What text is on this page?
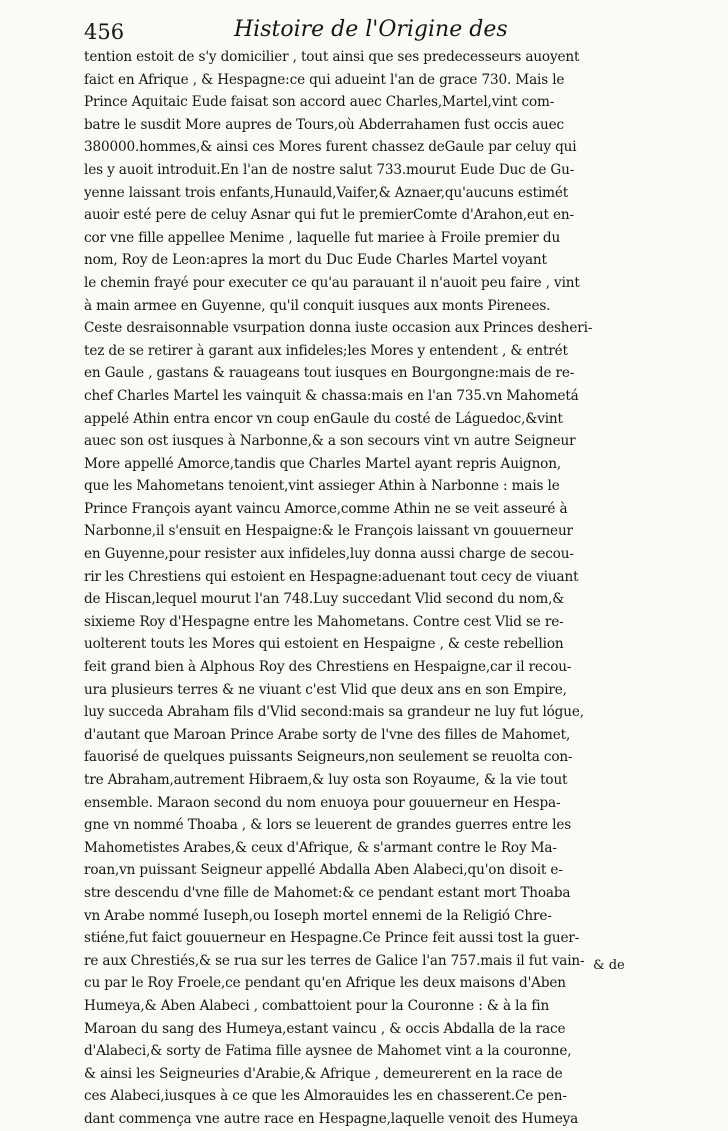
456	Histoire de l'Origine des
tention estoit de s'y domicilier , tout ainsi que ses predecesseurs auoyent
faict en Afrique , & Hespagne:ce qui adueint l'an de grace 730. Mais le
Prince Aquitaic Eude faisat son accord auec Charles,Martel,vint com-
batre le susdit More aupres de Tours,où Abderrahamen fust occis auec
380000.hommes,& ainsi ces Mores furent chassez deGaule par celuy qui
les y auoit introduit.En l'an de nostre salut 733.mourut Eude Duc de Gu-
yenne laissant trois enfants,Hunauld,Vaifer,& Aznaer,qu'aucuns estimét
auoir esté pere de celuy Asnar qui fut le premierComte d'Arahon,eut en-
cor vne fille appellee Menime , laquelle fut mariee à Froile premier du
nom, Roy de Leon:apres la mort du Duc Eude Charles Martel voyant
le chemin frayé pour executer ce qu'au parauant il n'auoit peu faire , vint
à main armee en Guyenne, qu'il conquit iusques aux monts Pirenees.
Ceste desraisonnable vsurpation donna iuste occasion aux Princes desheri-
tez de se retirer à garant aux infideles;les Mores y entendent , & entrét
en Gaule , gastans & rauageans tout iusques en Bourgongne:mais de re-
chef Charles Martel les vainquit & chassa:mais en l'an 735.vn Mahometá
appelé Athin entra encor vn coup enGaule du costé de Láguedoc,&vint
auec son ost iusques à Narbonne,& a son secours vint vn autre Seigneur
More appellé Amorce,tandis que Charles Martel ayant repris Auignon,
que les Mahometans tenoient,vint assieger Athin à Narbonne : mais le
Prince François ayant vaincu Amorce,comme Athin ne se veit asseuré à
Narbonne,il s'ensuit en Hespaigne:& le François laissant vn gouuerneur
en Guyenne,pour resister aux infideles,luy donna aussi charge de secou-
rir les Chrestiens qui estoient en Hespagne:aduenant tout cecy de viuant
de Hiscan,lequel mourut l'an 748.Luy succedant Vlid second du nom,&
sixieme Roy d'Hespagne entre les Mahometans. Contre cest Vlid se re-
uolterent touts les Mores qui estoient en Hespaigne , & ceste rebellion
feit grand bien à Alphous Roy des Chrestiens en Hespaigne,car il recou-
ura plusieurs terres & ne viuant c'est Vlid que deux ans en son Empire,
luy succeda Abraham fils d'Vlid second:mais sa grandeur ne luy fut lógue,
d'autant que Maroan Prince Arabe sorty de l'vne des filles de Mahomet,
fauorisé de quelques puissants Seigneurs,non seulement se reuolta con-
tre Abraham,autrement Hibraem,& luy osta son Royaume, & la vie tout
ensemble. Maraon second du nom enuoya pour gouuerneur en Hespa-
gne vn nommé Thoaba , & lors se leuerent de grandes guerres entre les
Mahometistes Arabes,& ceux d'Afrique, & s'armant contre le Roy Ma-
roan,vn puissant Seigneur appellé Abdalla Aben Alabeci,qu'on disoit e-
stre descendu d'vne fille de Mahomet:& ce pendant estant mort Thoaba
vn Arabe nommé Iuseph,ou Ioseph mortel ennemi de la Religió Chre-
stiéne,fut faict gouuerneur en Hespagne.Ce Prince feit aussi tost la guer-
re aux Chrestiés,& se rua sur les terres de Galice l'an 757.mais il fut vain-
cu par le Roy Froele,ce pendant qu'en Afrique les deux maisons d'Aben
Humeya,& Aben Alabeci , combattoient pour la Couronne : & à la fin
Maroan du sang des Humeya,estant vaincu , & occis Abdalla de la race
d'Alabeci,& sorty de Fatima fille aysnee de Mahomet vint a la couronne,
& ainsi les Seigneuries d'Arabie,& Afrique , demeurerent en la race de
ces Alabeci,iusques à ce que les Almorauides les en chasserent.Ce pen-
dant commença vne autre race en Hespagne,laquelle venoit des Humeya
& de
